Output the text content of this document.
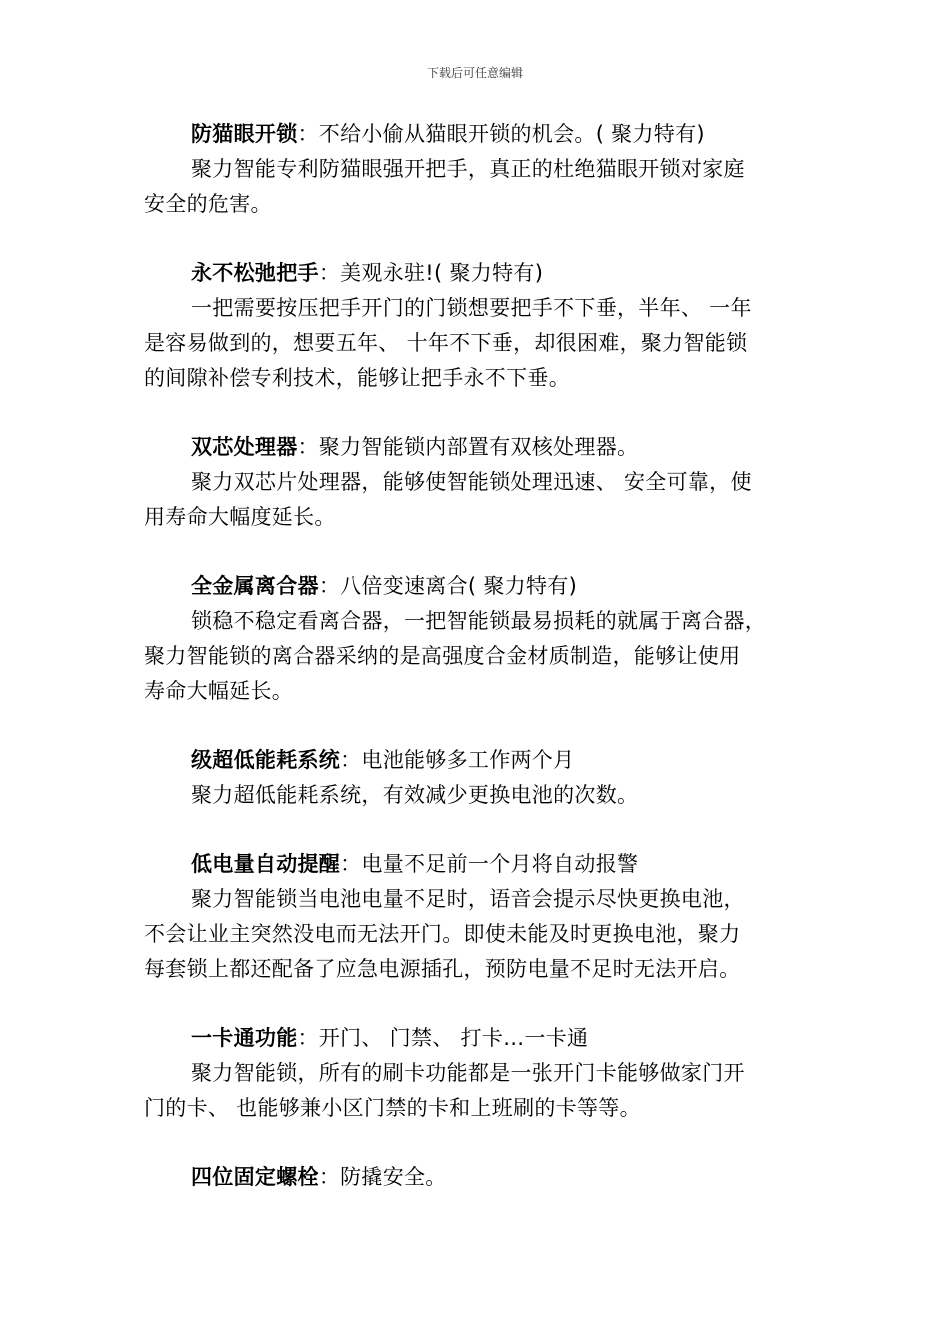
下载后可任意编辑

防猫眼开锁：不给小偷从猫眼开锁的机会。( 聚力特有)

聚力智能专利防猫眼强开把手，真正的杜绝猫眼开锁对家庭

安全的危害。

永不松弛把手：美观永驻!( 聚力特有)

一把需要按压把手开门的门锁想要把手不下垂，半年、 一年

是容易做到的，想要五年、 十年不下垂，却很困难，聚力智能锁

的间隙补偿专利技术，能够让把手永不下垂。

双芯处理器：聚力智能锁内部置有双核处理器。

聚力双芯片处理器，能够使智能锁处理迅速、 安全可靠，使

用寿命大幅度延长。

全金属离合器：八倍变速离合( 聚力特有)

锁稳不稳定看离合器，一把智能锁最易损耗的就属于离合器，

聚力智能锁的离合器采纳的是高强度合金材质制造，能够让使用

寿命大幅延长。

级超低能耗系统：电池能够多工作两个月

聚力超低能耗系统，有效减少更换电池的次数。

低电量自动提醒：电量不足前一个月将自动报警

聚力智能锁当电池电量不足时，语音会提示尽快更换电池，

不会让业主突然没电而无法开门。即使未能及时更换电池，聚力

每套锁上都还配备了应急电源插孔，预防电量不足时无法开启。

一卡通功能：开门、 门禁、 打卡…一卡通

聚力智能锁，所有的刷卡功能都是一张开门卡能够做家门开

门的卡、 也能够兼小区门禁的卡和上班刷的卡等等。

四位固定螺栓：防撬安全。
